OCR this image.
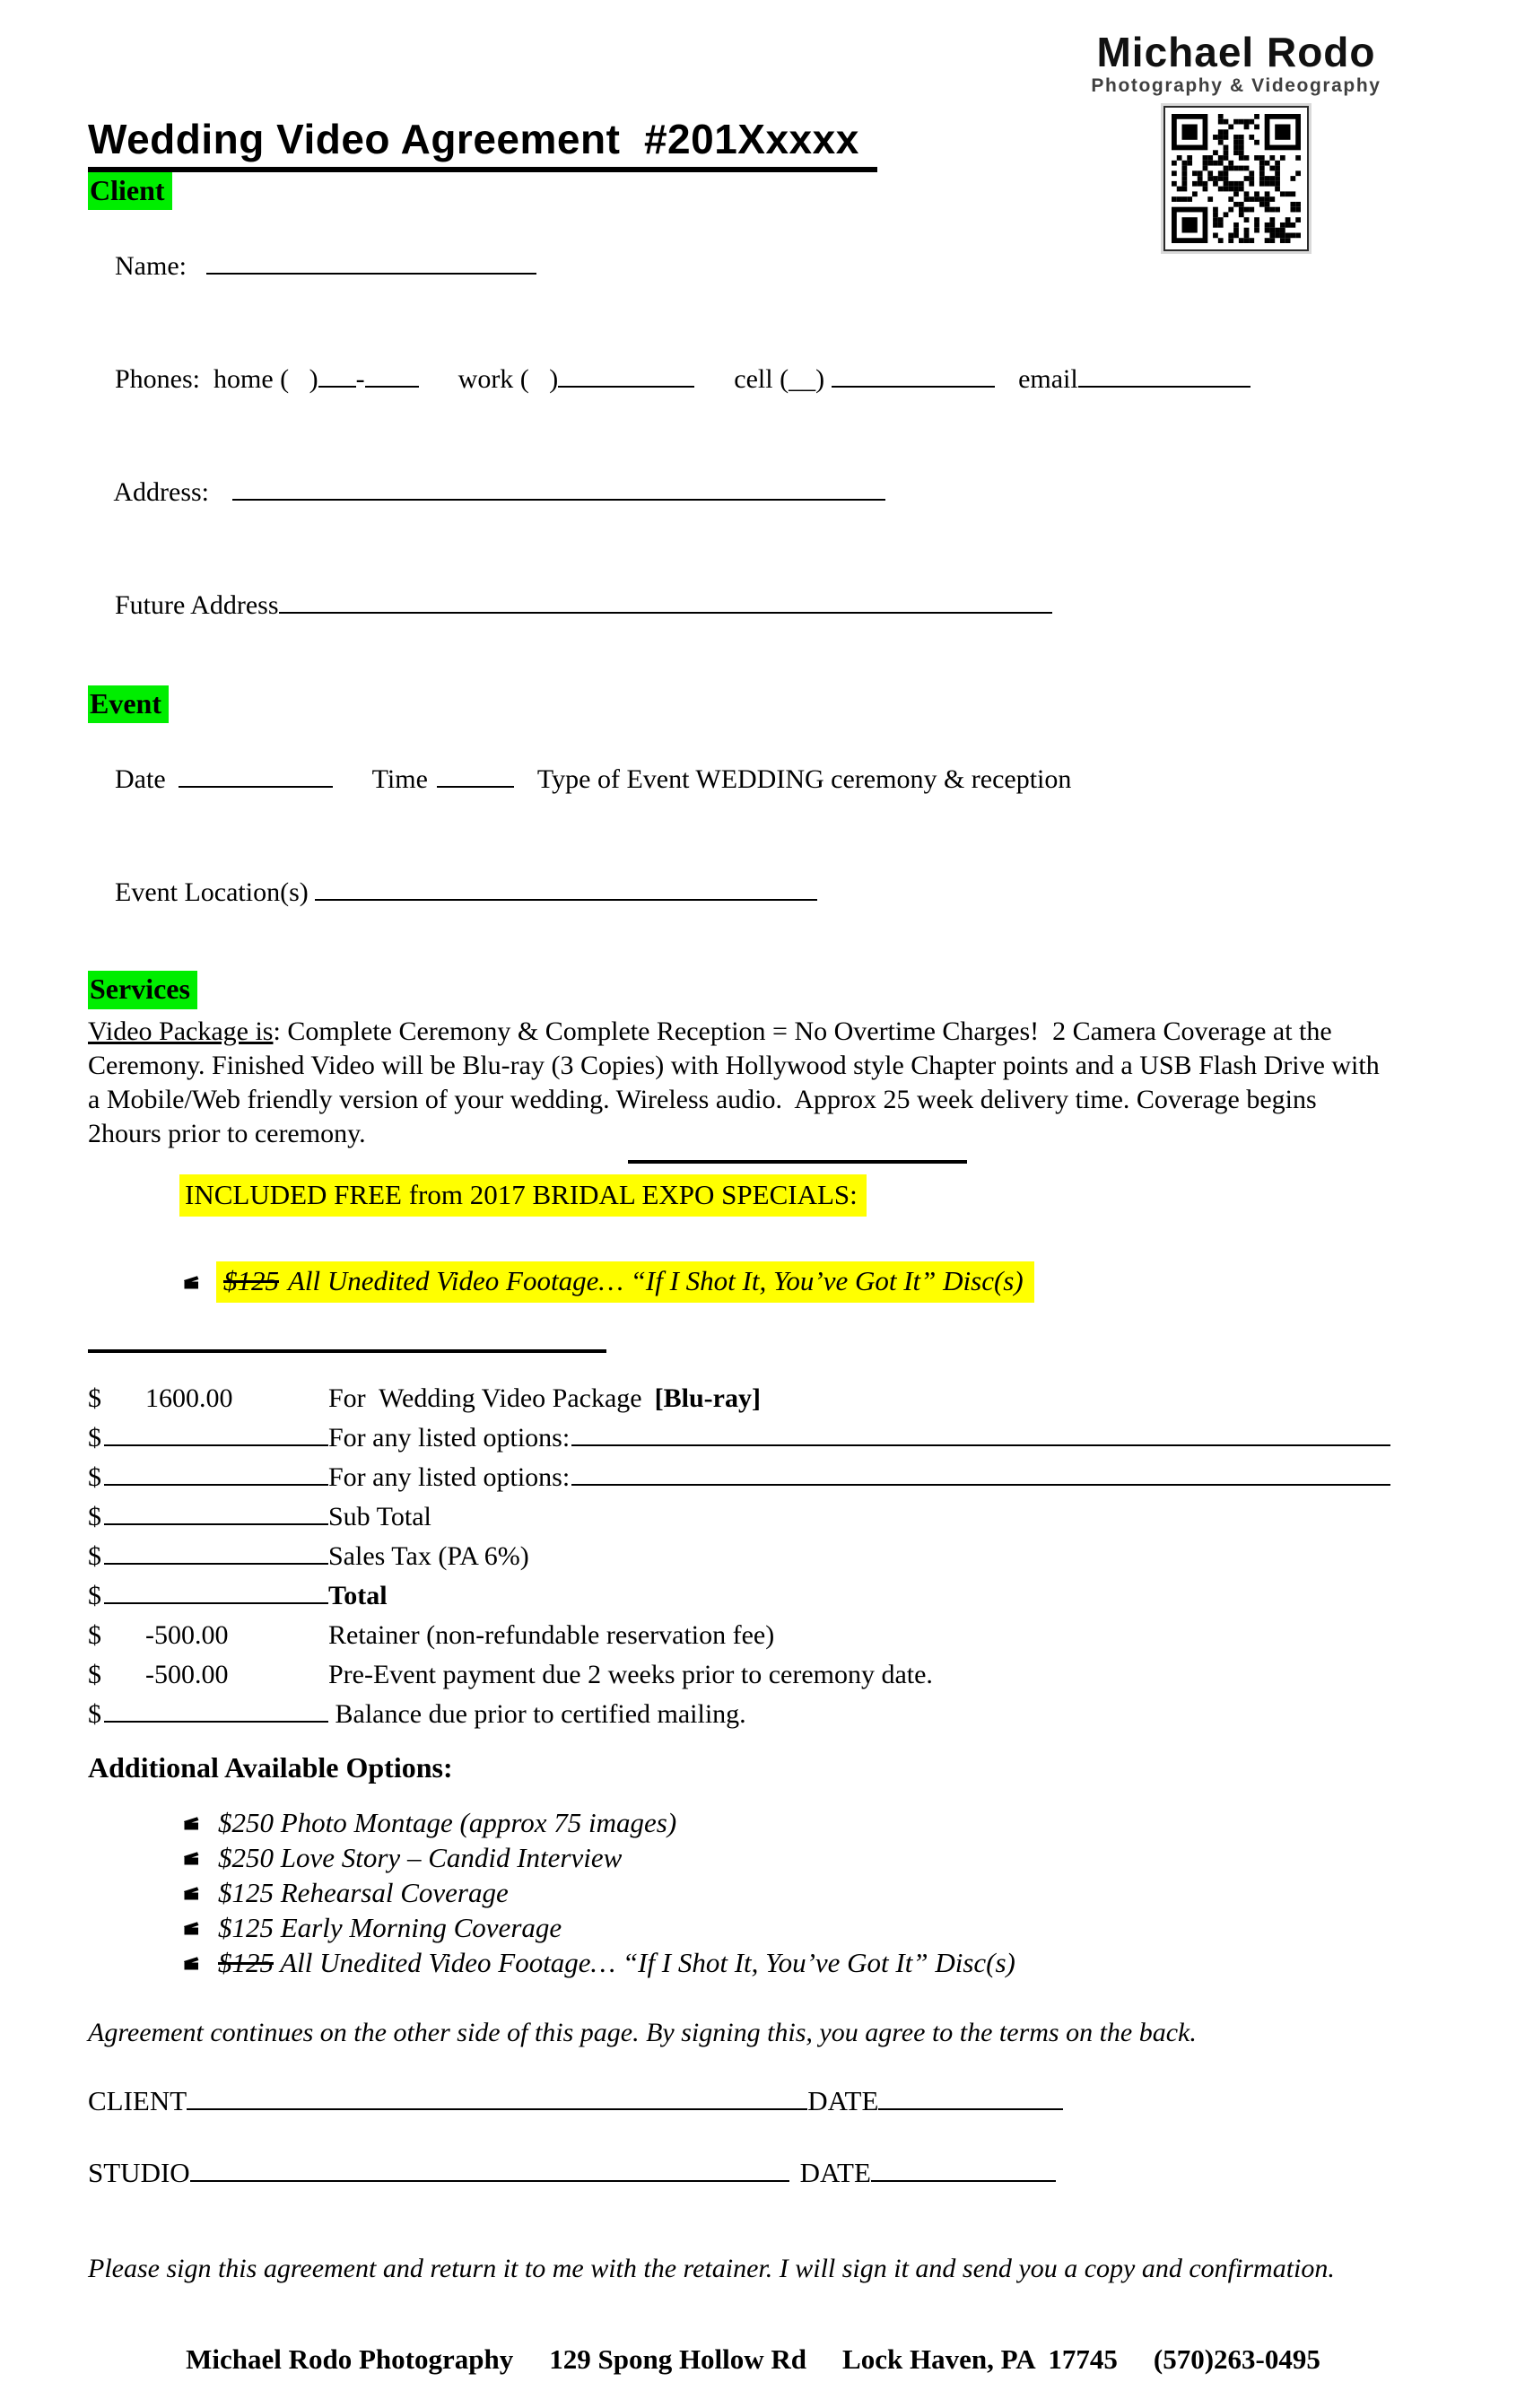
Michael Rodo
Photography & Videography
Wedding Video Agreement  #201Xxxxx
Client

Name:

Phones:  home (   ) -	work (   )	cell (__)	email

Address:

Future Address

Event

Date	Time	Type of Event WEDDING ceremony & reception

Event Location(s)

Services

Video Package is: Complete Ceremony & Complete Reception = No Overtime Charges!  2 Camera Coverage at the Ceremony. Finished Video will be Blu-ray (3 Copies) with Hollywood style Chapter points and a USB Flash Drive with a Mobile/Web friendly version of your wedding. Wireless audio.  Approx 25 week delivery time. Coverage begins 2hours prior to ceremony.

INCLUDED FREE from 2017 BRIDAL EXPO SPECIALS:
$125 All Unedited Video Footage… “If I Shot It, You’ve Got It” Disc(s)
$	1600.00	For  Wedding Video Package [Blu-ray]
$	For any listed options:
$	For any listed options:
$	Sub Total
$	Sales Tax (PA 6%)
$	Total
$	-500.00	Retainer (non-refundable reservation fee)
$	-500.00	Pre-Event payment due 2 weeks prior to ceremony date.
$	Balance due prior to certified mailing.
Additional Available Options:
$250 Photo Montage (approx 75 images)
$250 Love Story – Candid Interview
$125 Rehearsal Coverage
$125 Early Morning Coverage
$125 All Unedited Video Footage… “If I Shot It, You’ve Got It” Disc(s)
Agreement continues on the other side of this page. By signing this, you agree to the terms on the back.
CLIENT	DATE
STUDIO	DATE
Please sign this agreement and return it to me with the retainer. I will sign it and send you a copy and confirmation.

Michael Rodo Photography 129 Spong Hollow Rd Lock Haven, PA  17745 (570)263-0495
